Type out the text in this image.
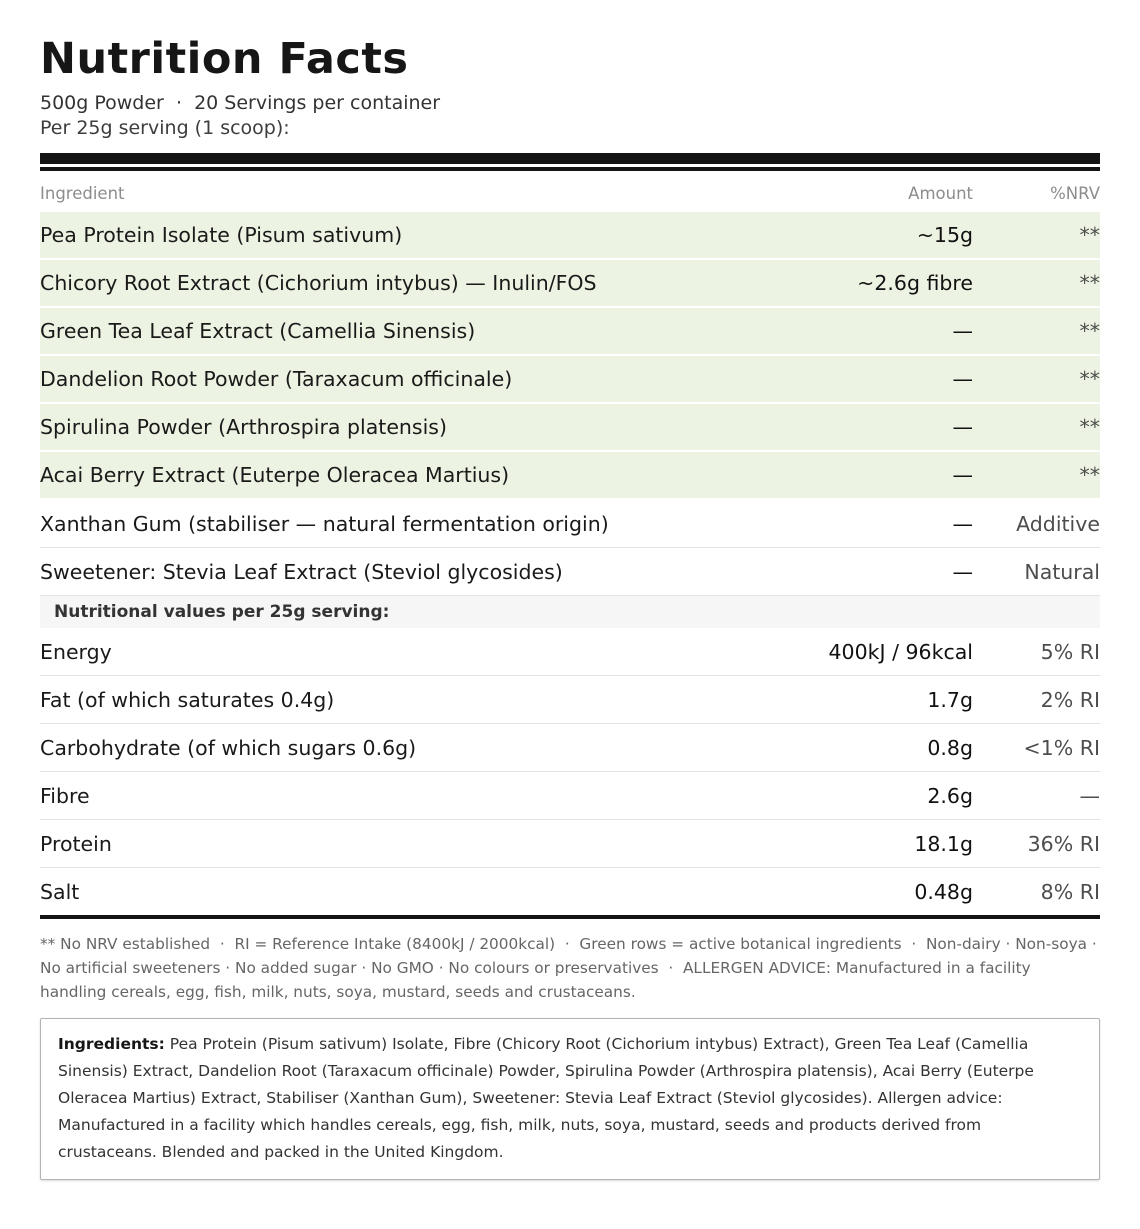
Nutrition Facts
500g Powder  ·  20 Servings per container
Per 25g serving (1 scoop):
Ingredient	Amount	%NRV
Pea Protein Isolate (Pisum sativum)	~15g	**
Chicory Root Extract (Cichorium intybus) — Inulin/FOS	~2.6g fibre	**
Green Tea Leaf Extract (Camellia Sinensis)	—	**
Dandelion Root Powder (Taraxacum officinale)	—	**
Spirulina Powder (Arthrospira platensis)	—	**
Acai Berry Extract (Euterpe Oleracea Martius)	—	**
Xanthan Gum (stabiliser — natural fermentation origin)	—	Additive
Sweetener: Stevia Leaf Extract (Steviol glycosides)	—	Natural
Nutritional values per 25g serving:
Energy	400kJ / 96kcal	5% RI
Fat (of which saturates 0.4g)	1.7g	2% RI
Carbohydrate (of which sugars 0.6g)	0.8g	<1% RI
Fibre	2.6g	—
Protein	18.1g	36% RI
Salt	0.48g	8% RI

** No NRV established  ·  RI = Reference Intake (8400kJ / 2000kcal)  ·  Green rows = active botanical ingredients  ·  Non-dairy · Non-soya · No artificial sweeteners · No added sugar · No GMO · No colours or preservatives  ·  ALLERGEN ADVICE: Manufactured in a facility handling cereals, egg, fish, milk, nuts, soya, mustard, seeds and crustaceans.

Ingredients: Pea Protein (Pisum sativum) Isolate, Fibre (Chicory Root (Cichorium intybus) Extract), Green Tea Leaf (Camellia Sinensis) Extract, Dandelion Root (Taraxacum officinale) Powder, Spirulina Powder (Arthrospira platensis), Acai Berry (Euterpe Oleracea Martius) Extract, Stabiliser (Xanthan Gum), Sweetener: Stevia Leaf Extract (Steviol glycosides). Allergen advice: Manufactured in a facility which handles cereals, egg, fish, milk, nuts, soya, mustard, seeds and products derived from crustaceans. Blended and packed in the United Kingdom.
